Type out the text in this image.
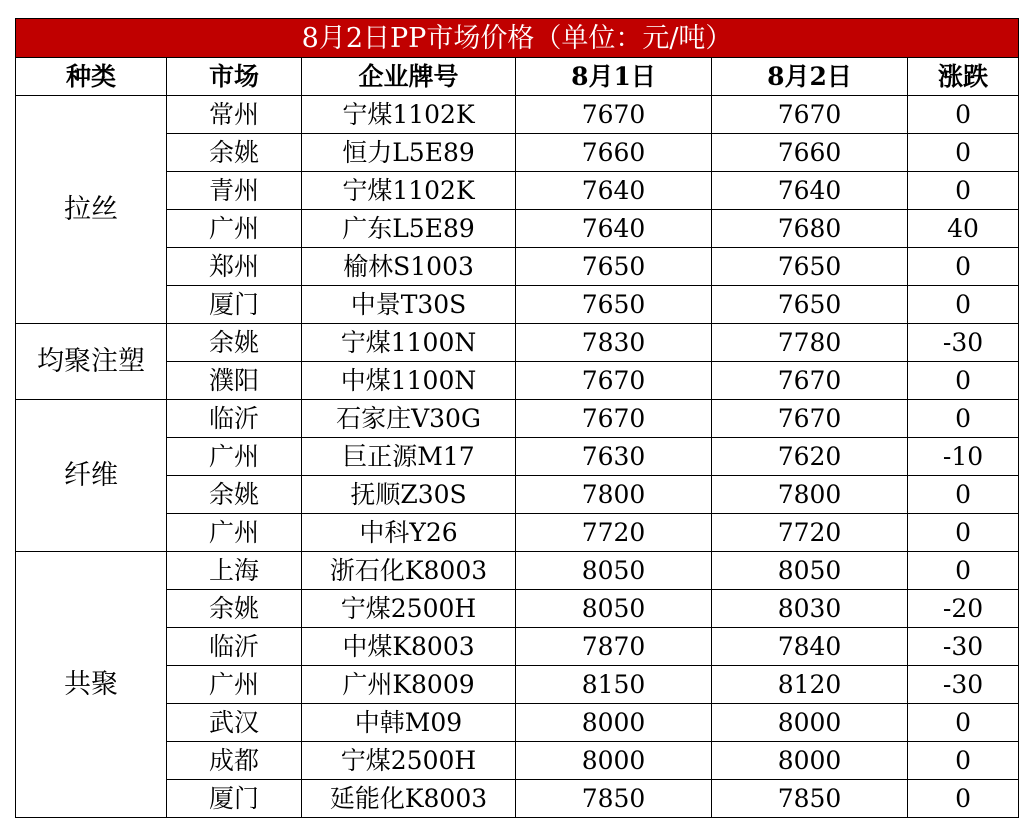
8月2日PP市场价格（单位：元/吨）					
种类	市场	企业牌号	8月1日	8月2日	涨跌
拉丝	常州	宁煤1102K	7670	7670	0
	余姚	恒力L5E89	7660	7660	0
	青州	宁煤1102K	7640	7640	0
	广州	广东L5E89	7640	7680	40
	郑州	榆林S1003	7650	7650	0
	厦门	中景T30S	7650	7650	0
均聚注塑	余姚	宁煤1100N	7830	7780	-30
	濮阳	中煤1100N	7670	7670	0
纤维	临沂	石家庄V30G	7670	7670	0
	广州	巨正源M17	7630	7620	-10
	余姚	抚顺Z30S	7800	7800	0
	广州	中科Y26	7720	7720	0
共聚	上海	浙石化K8003	8050	8050	0
	余姚	宁煤2500H	8050	8030	-20
	临沂	中煤K8003	7870	7840	-30
	广州	广州K8009	8150	8120	-30
	武汉	中韩M09	8000	8000	0
	成都	宁煤2500H	8000	8000	0
	厦门	延能化K8003	7850	7850	0
